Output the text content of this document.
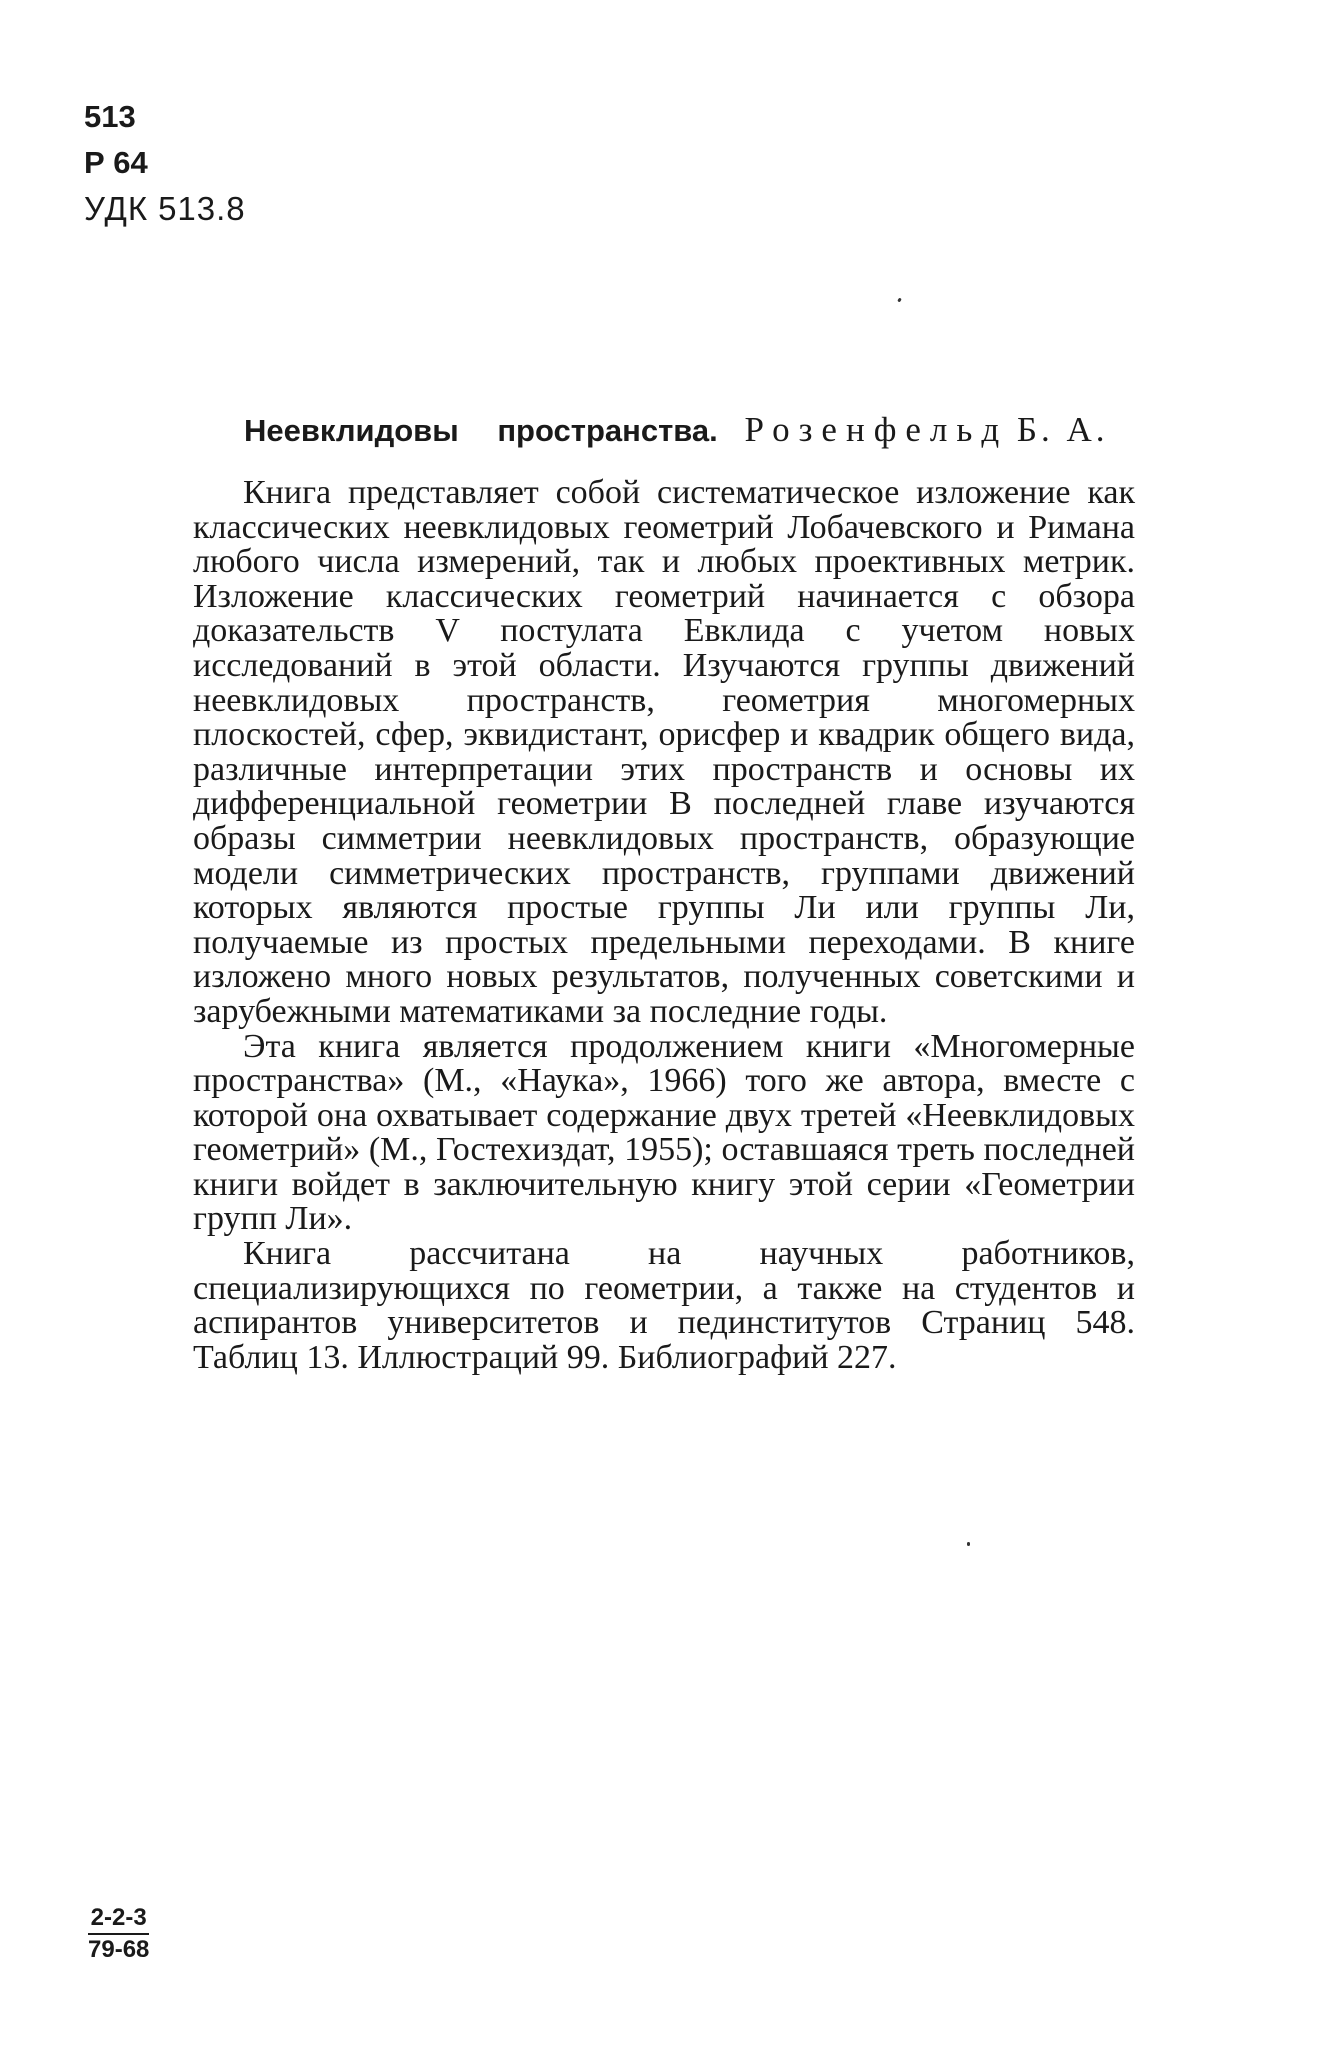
513
Р 64
УДК 513.8
Неевклидовы пространства. Розенфельд Б. А.

Книга представляет собой систематическое изложение как классических неевклидовых геометрий Лобачевского и Римана любого числа измерений, так и любых проективных метрик. Изложение классических геометрий начинается с обзора доказательств V постулата Евклида с учетом новых исследований в этой области. Изучаются группы движений неевклидовых пространств, геометрия многомерных плоскостей, сфер, эквидистант, орисфер и квадрик общего вида, различные интерпретации этих пространств и основы их дифференциальной геометрии В последней главе изучаются образы симметрии неевклидовых пространств, образующие модели симметрических пространств, группами движений которых являются простые группы Ли или группы Ли, получаемые из простых предельными переходами. В книге изложено много новых результатов, полученных советскими и зарубежными математиками за последние годы.

Эта книга является продолжением книги «Многомерные пространства» (М., «Наука», 1966) того же автора, вместе с которой она охватывает содержание двух третей «Неевклидовых геометрий» (М., Гостехиздат, 1955); оставшаяся треть последней книги войдет в заключительную книгу этой серии «Геометрии групп Ли».

Книга рассчитана на научных работников, специализирующихся по геометрии, а также на студентов и аспирантов университетов и пединститутов Страниц 548. Таблиц 13. Иллюстраций 99. Библиографий 227.

2-2-3
79-68
